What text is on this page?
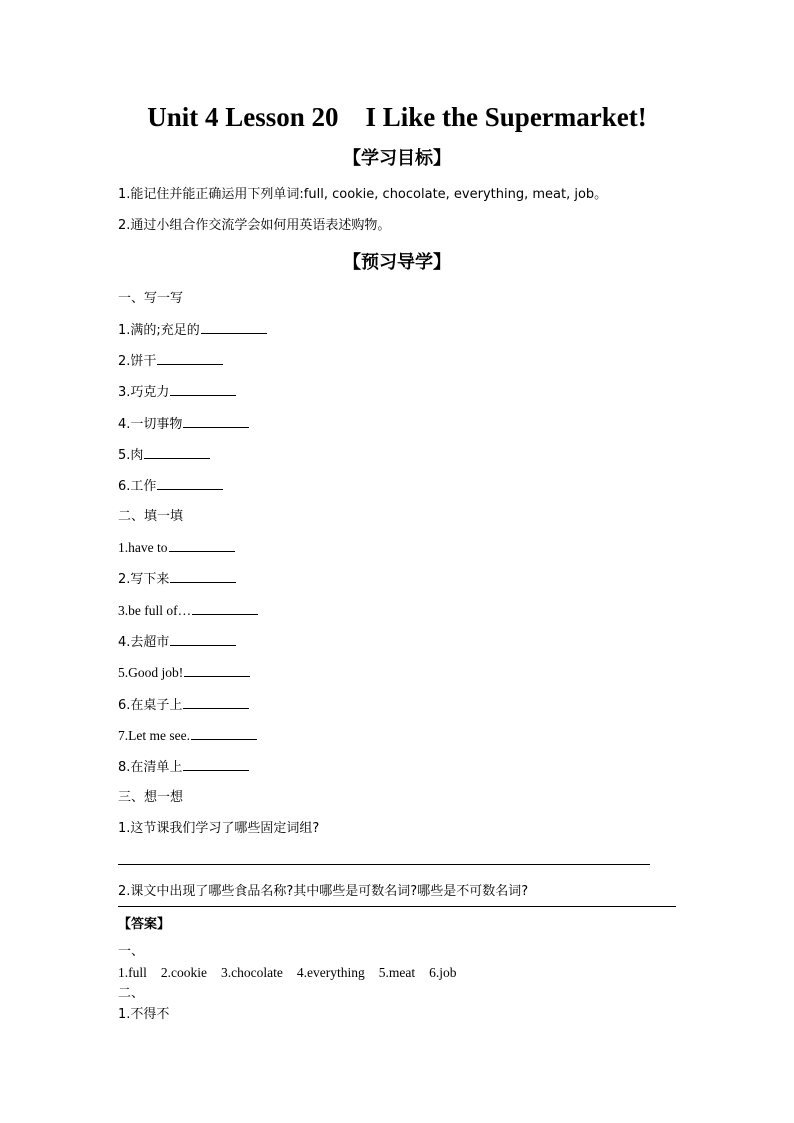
Unit 4 Lesson 20    I Like the Supermarket!
【学习目标】
1.能记住并能正确运用下列单词:full, cookie, chocolate, everything, meat, job。
2.通过小组合作交流学会如何用英语表述购物。
【预习导学】
一、写一写
1.满的;充足的
2.饼干
3.巧克力
4.一切事物
5.肉
6.工作
二、填一填
1.have to
2.写下来
3.be full of…
4.去超市
5.Good job!
6.在桌子上
7.Let me see.
8.在清单上
三、想一想
1.这节课我们学习了哪些固定词组?
2.课文中出现了哪些食品名称?其中哪些是可数名词?哪些是不可数名词?
【答案】
一、
1.full 2.cookie 3.chocolate 4.everything 5.meat 6.job
二、
1.不得不
